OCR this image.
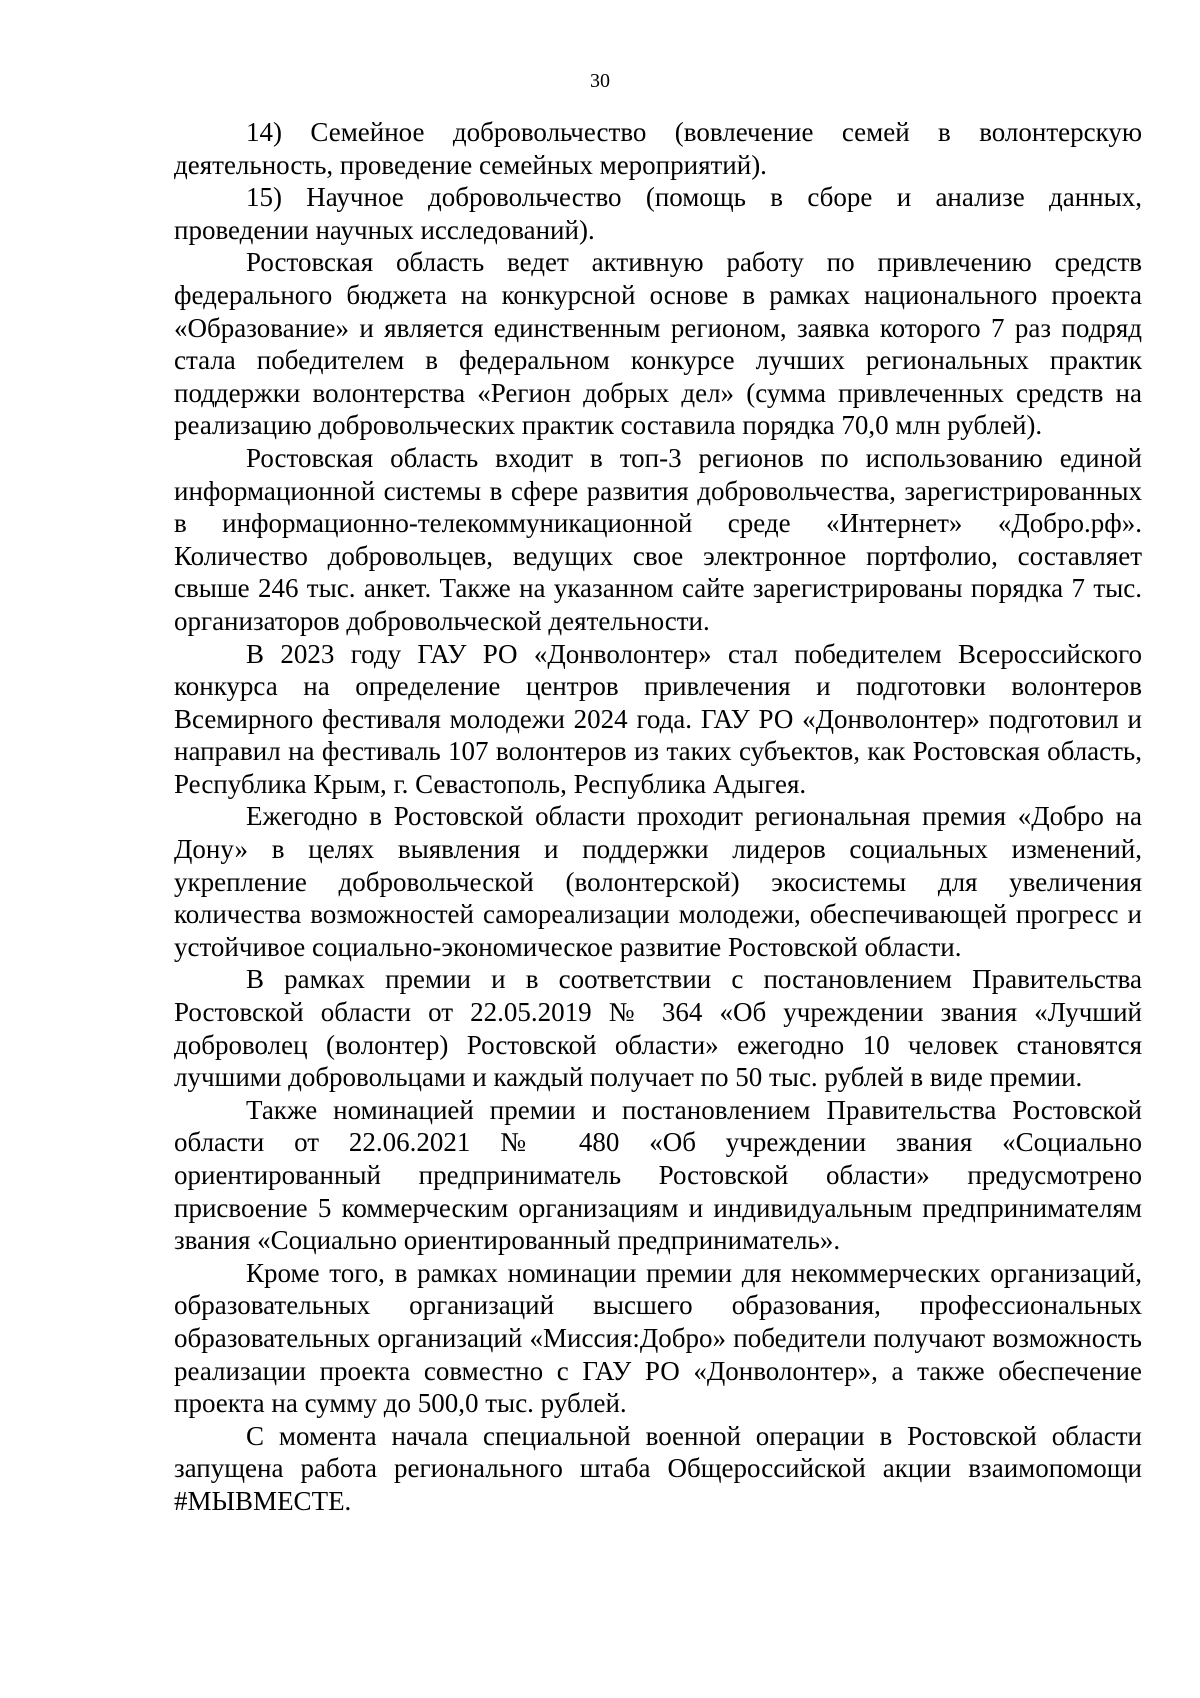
30

14) Семейное добровольчество (вовлечение семей в волонтерскую деятельность, проведение семейных мероприятий).

15) Научное добровольчество (помощь в сборе и анализе данных, проведении научных исследований).

Ростовская область ведет активную работу по привлечению средств федерального бюджета на конкурсной основе в рамках национального проекта «Образование» и является единственным регионом, заявка которого 7 раз подряд стала победителем в федеральном конкурсе лучших региональных практик поддержки волонтерства «Регион добрых дел» (сумма привлеченных средств на реализацию добровольческих практик составила порядка 70,0 млн рублей).

Ростовская область входит в топ-3 регионов по использованию единой информационной системы в сфере развития добровольчества, зарегистрированных в информационно-телекоммуникационной среде «Интернет» «Добро.рф». Количество добровольцев, ведущих свое электронное портфолио, составляет свыше 246 тыс. анкет. Также на указанном сайте зарегистрированы порядка 7 тыс. организаторов добровольческой деятельности.

В 2023 году ГАУ РО «Донволонтер» стал победителем Всероссийского конкурса на определение центров привлечения и подготовки волонтеров Всемирного фестиваля молодежи 2024 года. ГАУ РО «Донволонтер» подготовил и направил на фестиваль 107 волонтеров из таких субъектов, как Ростовская область, Республика Крым, г. Севастополь, Республика Адыгея.

Ежегодно в Ростовской области проходит региональная премия «Добро на Дону» в целях выявления и поддержки лидеров социальных изменений, укрепление добровольческой (волонтерской) экосистемы для увеличения количества возможностей самореализации молодежи, обеспечивающей прогресс и устойчивое социально-экономическое развитие Ростовской области.

В рамках премии и в соответствии с постановлением Правительства Ростовской области от 22.05.2019 № 364 «Об учреждении звания «Лучший доброволец (волонтер) Ростовской области» ежегодно 10 человек становятся лучшими добровольцами и каждый получает по 50 тыс. рублей в виде премии.

Также номинацией премии и постановлением Правительства Ростовской области от 22.06.2021 № 480 «Об учреждении звания «Социально ориентированный предприниматель Ростовской области» предусмотрено присвоение 5 коммерческим организациям и индивидуальным предпринимателям звания «Социально ориентированный предприниматель».

Кроме того, в рамках номинации премии для некоммерческих организаций, образовательных организаций высшего образования, профессиональных образовательных организаций «Миссия:Добро» победители получают возможность реализации проекта совместно с ГАУ РО «Донволонтер», а также обеспечение проекта на сумму до 500,0 тыс. рублей.

С момента начала специальной военной операции в Ростовской области запущена работа регионального штаба Общероссийской акции взаимопомощи #МЫВМЕСТЕ.
